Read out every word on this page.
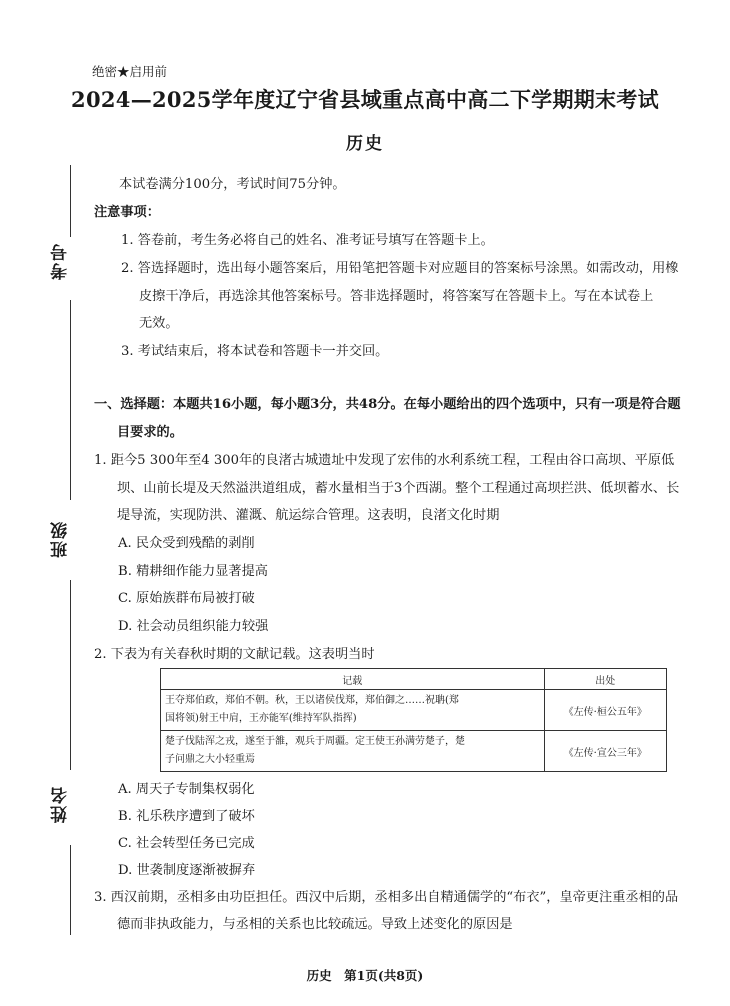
绝密★启用前
2024—2025学年度辽宁省县域重点高中高二下学期期末考试
历史
考号
班级
姓名
本试卷满分100分，考试时间75分钟。
注意事项：
1. 答卷前，考生务必将自己的姓名、准考证号填写在答题卡上。
2. 答选择题时，选出每小题答案后，用铅笔把答题卡对应题目的答案标号涂黑。如需改动，用橡
皮擦干净后，再选涂其他答案标号。答非选择题时，将答案写在答题卡上。写在本试卷上
无效。
3. 考试结束后，将本试卷和答题卡一并交回。
一、选择题：本题共16小题，每小题3分，共48分。在每小题给出的四个选项中，只有一项是符合题
目要求的。
1. 距今5 300年至4 300年的良渚古城遗址中发现了宏伟的水利系统工程，工程由谷口高坝、平原低
坝、山前长堤及天然溢洪道组成，蓄水量相当于3个西湖。整个工程通过高坝拦洪、低坝蓄水、长
堤导流，实现防洪、灌溉、航运综合管理。这表明，良渚文化时期
A. 民众受到残酷的剥削
B. 精耕细作能力显著提高
C. 原始族群布局被打破
D. 社会动员组织能力较强
2. 下表为有关春秋时期的文献记载。这表明当时
记载	出处

王夺郑伯政，郑伯不朝。秋，王以诸侯伐郑，郑伯御之……祝聃(郑
国将领)射王中肩，王亦能军(维持军队指挥)	《左传·桓公五年》

楚子伐陆浑之戎，遂至于雒，观兵于周疆。定王使王孙满劳楚子，楚
子问鼎之大小轻重焉	《左传·宣公三年》
A. 周天子专制集权弱化
B. 礼乐秩序遭到了破坏
C. 社会转型任务已完成
D. 世袭制度逐渐被摒弃
3. 西汉前期，丞相多由功臣担任。西汉中后期，丞相多出自精通儒学的“布衣”，皇帝更注重丞相的品
德而非执政能力，与丞相的关系也比较疏远。导致上述变化的原因是
历史　第1页(共8页)
